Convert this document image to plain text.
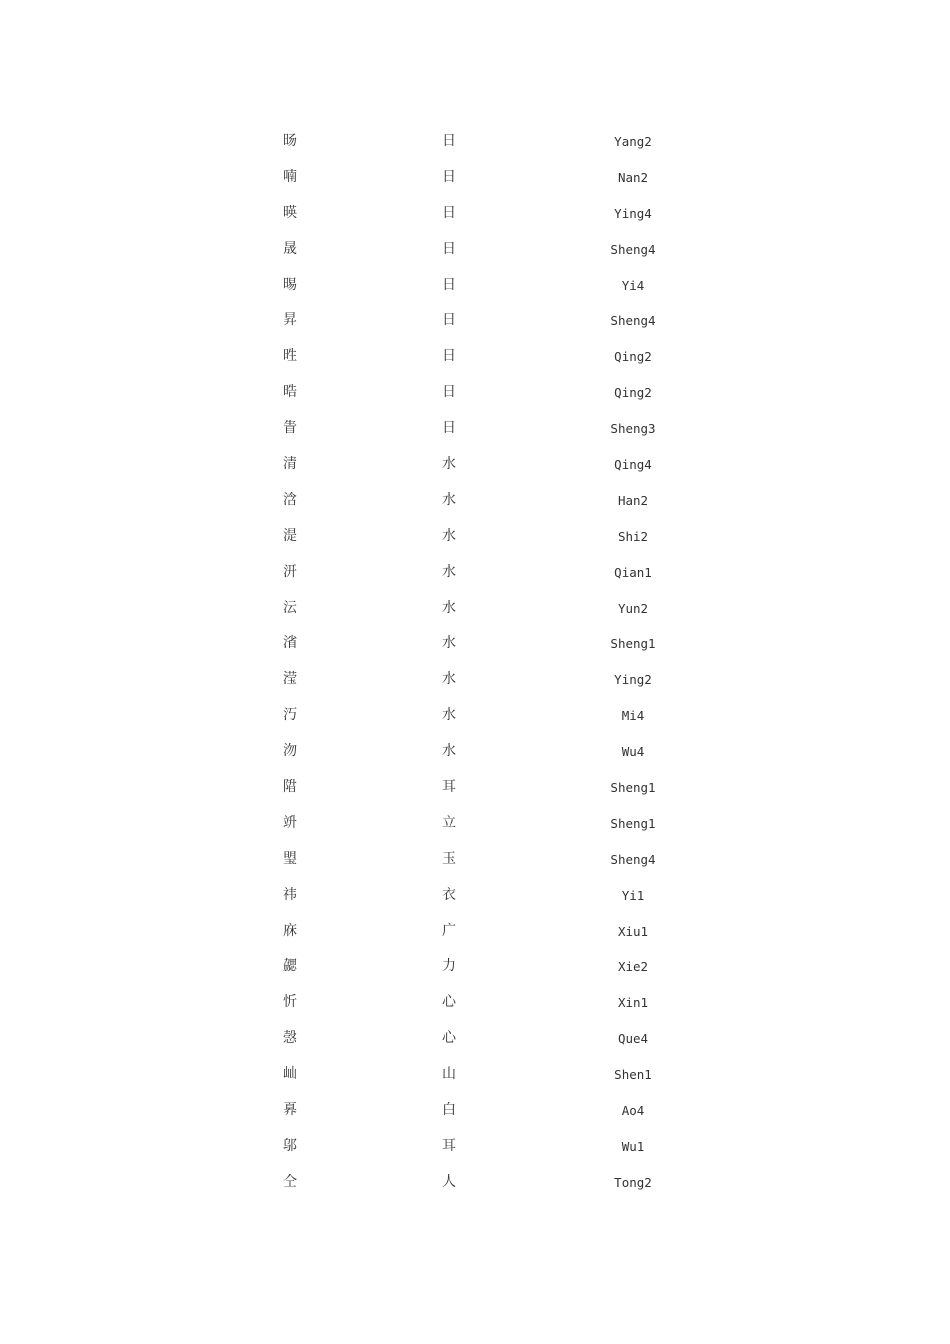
旸	日	Yang2
喃	日	Nan2
暎	日	Ying4
晟	日	Sheng4
晹	日	Yi4
昇	日	Sheng4
甠	日	Qing2
晧	日	Qing2
眚	日	Sheng3
清	水	Qing4
浛	水	Han2
湜	水	Shi2
汧	水	Qian1
沄	水	Yun2
渻	水	Sheng1
滢	水	Ying2
汅	水	Mi4
沕	水	Wu4
陹	耳	Sheng1
竔	立	Sheng1
琞	玉	Sheng4
祎	衣	Yi1
庥	广	Xiu1
勰	力	Xie2
忻	心	Xin1
愨	心	Que4
屾	山	Shen1
奡	白	Ao4
邬	耳	Wu1
仝	人	Tong2
